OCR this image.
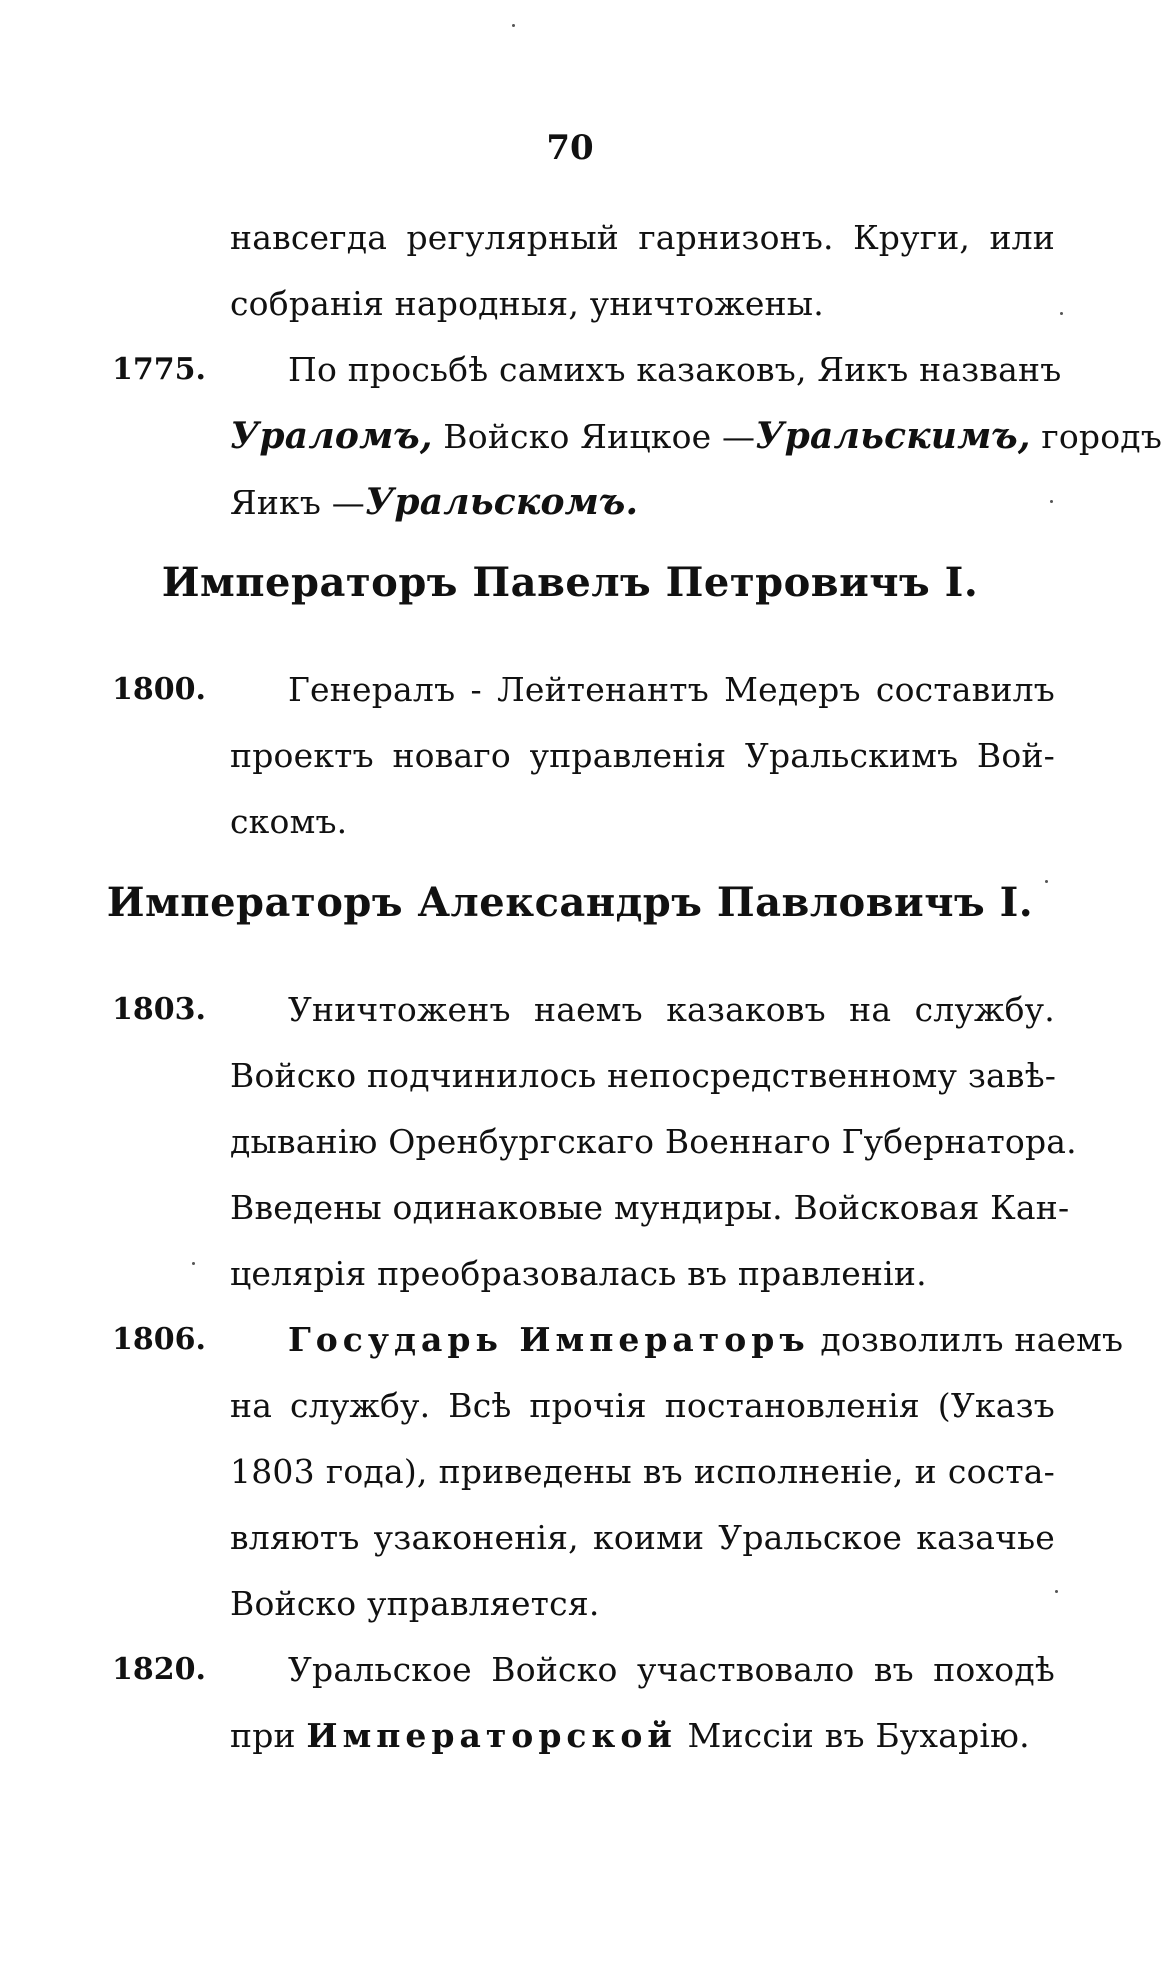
70
навсегда регулярный гарнизонъ. Круги, или
собранія народныя, уничтожены.
1775. По просьбѣ самихъ казаковъ, Яикъ названъ
Ураломъ, Войско Яицкое —Уральскимъ, городъ
Яикъ —Уральскомъ.
Императоръ Павелъ Петровичъ I.
1800. Генералъ - Лейтенантъ Медеръ составилъ
проектъ новаго управленія Уральскимъ Вой-
скомъ.
Императоръ Александръ Павловичъ I.
1803. Уничтоженъ наемъ казаковъ на службу.
Войско подчинилось непосредственному завѣ-
дыванію Оренбургскаго Военнаго Губернатора.
Введены одинаковые мундиры. Войсковая Кан-
целярія преобразовалась въ правленіи.
1806. Государь Императоръ дозволилъ наемъ
на службу. Всѣ прочія постановленія (Указъ
1803 года), приведены въ исполненіе, и соста-
вляютъ узаконенія, коими Уральское казачье
Войско управляется.
1820. Уральское Войско участвовало въ походѣ
при Императорской Миссіи въ Бухарію.
